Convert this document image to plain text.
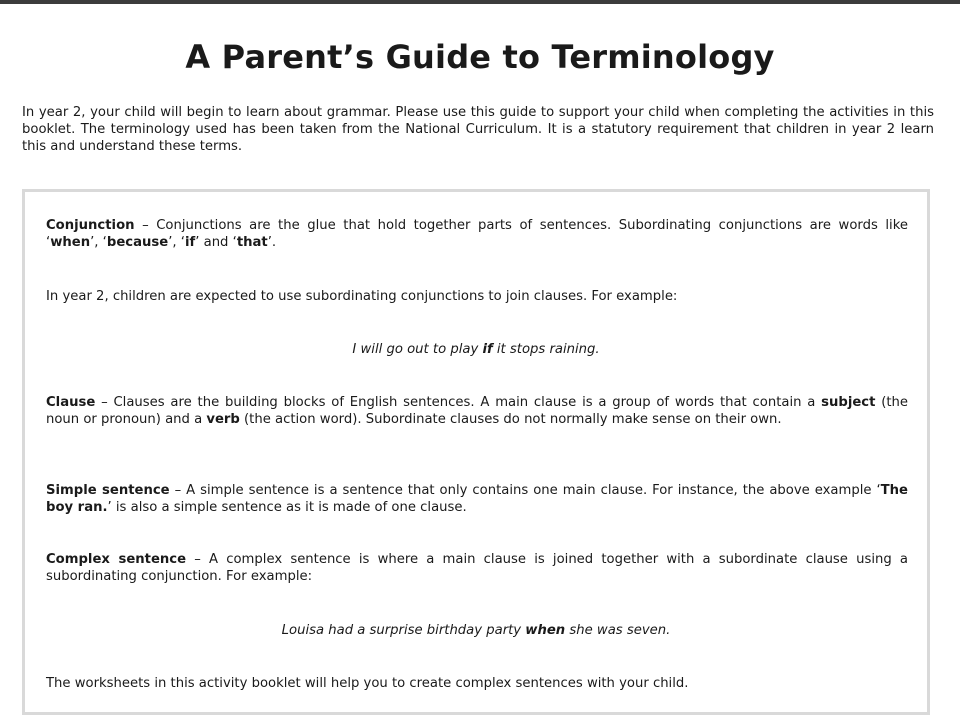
A Parent’s Guide to Terminology
In year 2, your child will begin to learn about grammar. Please use this guide to support your child when completing the activities in this booklet. The terminology used has been taken from the National Curriculum. It is a statutory requirement that children in year 2 learn this and understand these terms.
Conjunction – Conjunctions are the glue that hold together parts of sentences. Subordinating conjunctions are words like ‘when’, ‘because’, ‘if’ and ‘that’.
In year 2, children are expected to use subordinating conjunctions to join clauses. For example:
I will go out to play if it stops raining.
Clause – Clauses are the building blocks of English sentences. A main clause is a group of words that contain a subject (the noun or pronoun) and a verb (the action word). Subordinate clauses do not normally make sense on their own.
Simple sentence – A simple sentence is a sentence that only contains one main clause. For instance, the above example ‘The boy ran.’ is also a simple sentence as it is made of one clause.
Complex sentence – A complex sentence is where a main clause is joined together with a subordinate clause using a subordinating conjunction. For example:
Louisa had a surprise birthday party when she was seven.
The worksheets in this activity booklet will help you to create complex sentences with your child.
